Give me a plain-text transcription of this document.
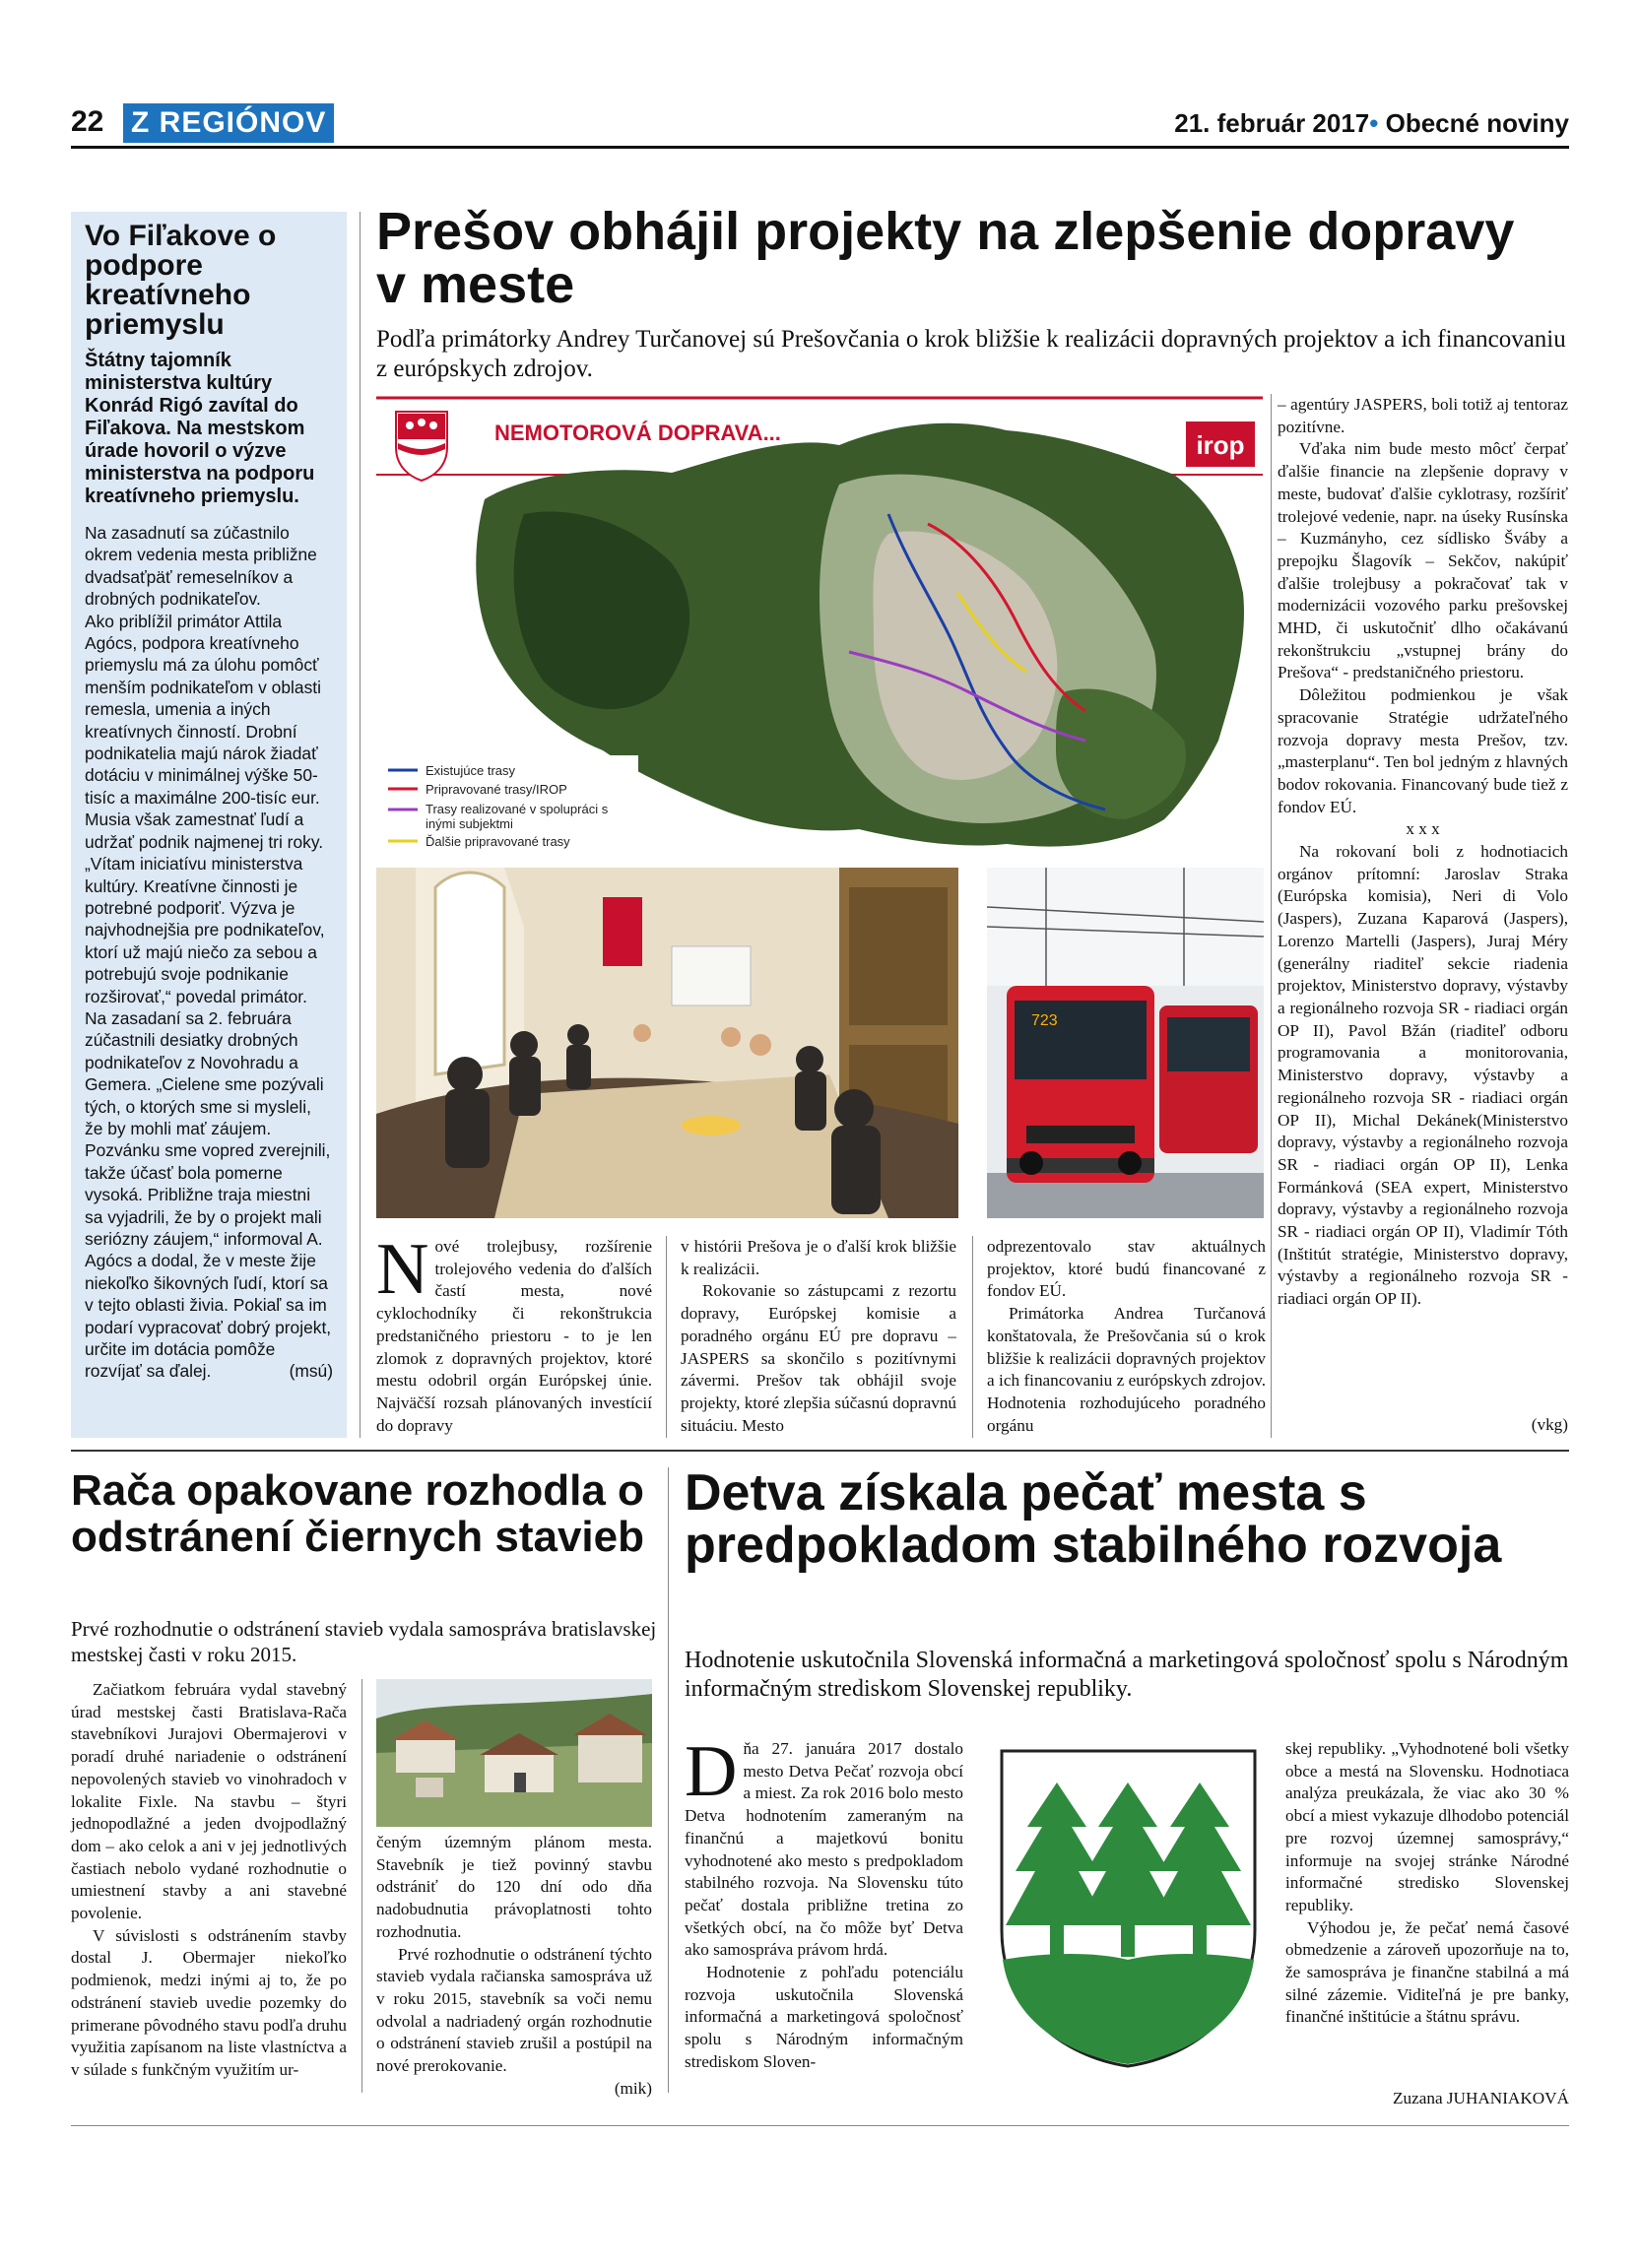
22 Z REGIÓNOV	21. február 2017• Obecné noviny
Vo Fiľakove o podpore kreatívneho priemyslu
Štátny tajomník ministerstva kultúry Konrád Rigó zavítal do Fiľakova. Na mestskom úrade hovoril o výzve ministerstva na podporu kreatívneho priemyslu.

Na zasadnutí sa zúčastnilo okrem vedenia mesta približne dvadsaťpäť remeselníkov a drobných podnikateľov.

Ako priblížil primátor Attila Agócs, podpora kreatívneho priemyslu má za úlohu pomôcť menším podnikateľom v oblasti remesla, umenia a iných kreatívnych činností. Drobní podnikatelia majú nárok žiadať dotáciu v minimálnej výške 50-tisíc a maximálne 200-tisíc eur. Musia však zamestnať ľudí a udržať podnik najmenej tri roky. „Vítam iniciatívu ministerstva kultúry. Kreatívne činnosti je potrebné podporiť. Výzva je najvhodnejšia pre podnikateľov, ktorí už majú niečo za sebou a potrebujú svoje podnikanie rozširovať,“ povedal primátor.

Na zasadaní sa 2. februára zúčastnili desiatky drobných podnikateľov z Novohradu a Gemera. „Cielene sme pozývali tých, o ktorých sme si mysleli, že by mohli mať záujem. Pozvánku sme vopred zverejnili, takže účasť bola pomerne vysoká. Približne traja miestni sa vyjadrili, že by o projekt mali seriózny záujem,“ informoval A. Agócs a dodal, že v meste žije niekoľko šikovných ľudí, ktorí sa v tejto oblasti živia. Pokiaľ sa im podarí vypracovať dobrý projekt, určite im dotácia pomôže rozvíjať sa ďalej.	(msú)

Prešov obhájil projekty na zlepšenie dopravy v meste
Podľa primátorky Andrey Turčanovej sú Prešovčania o krok bližšie k realizácii dopravných projektov a ich financovaniu z európskych zdrojov.
NEMOTOROVÁ DOPRAVA...	irop
Existujúce trasy
Pripravované trasy/IROP
Trasy realizované v spolupráci s inými subjektmi
Ďalšie pripravované trasy
723

– agentúry JASPERS, boli totiž aj tentoraz pozitívne.

Vďaka nim bude mesto môcť čerpať ďalšie financie na zlepšenie dopravy v meste, budovať ďalšie cyklotrasy, rozšíriť trolejové vedenie, napr. na úseky Rusínska – Kuzmányho, cez sídlisko Šváby a prepojku Šlagovík – Sekčov, nakúpiť ďalšie trolejbusy a pokračovať tak v modernizácii vozového parku prešovskej MHD, či uskutočniť dlho očakávanú rekonštrukciu „vstupnej brány do Prešova“ - predstaničného priestoru.

Dôležitou podmienkou je však spracovanie Stratégie udržateľného rozvoja dopravy mesta Prešov, tzv. „masterplanu“. Ten bol jedným z hlavných bodov rokovania. Financovaný bude tiež z fondov EÚ.

x x x

Na rokovaní boli z hodnotiacich orgánov prítomní: Jaroslav Straka (Európska komisia), Neri di Volo (Jaspers), Zuzana Kaparová (Jaspers), Lorenzo Martelli (Jaspers), Juraj Méry (generálny riaditeľ sekcie riadenia projektov, Ministerstvo dopravy, výstavby a regionálneho rozvoja SR - riadiaci orgán OP II), Pavol Bžán (riaditeľ odboru programovania a monitorovania, Ministerstvo dopravy, výstavby a regionálneho rozvoja SR - riadiaci orgán OP II), Michal Dekánek(Ministerstvo dopravy, výstavby a regionálneho rozvoja SR - riadiaci orgán OP II), Lenka Formánková (SEA expert, Ministerstvo dopravy, výstavby a regionálneho rozvoja SR - riadiaci orgán OP II), Vladimír Tóth (Inštitút stratégie, Ministerstvo dopravy, výstavby a regionálneho rozvoja SR - riadiaci orgán OP II).

Nové trolejbusy, rozšírenie trolejového vedenia do ďalších častí mesta, nové cyklochodníky či rekonštrukcia predstaničného priestoru - to je len zlomok z dopravných projektov, ktoré mestu odobril orgán Európskej únie. Najväčší rozsah plánovaných investícií do dopravy

v histórii Prešova je o ďalší krok bližšie k realizácii.

Rokovanie so zástupcami z rezortu dopravy, Európskej komisie a poradného orgánu EÚ pre dopravu – JASPERS sa skončilo s pozitívnymi závermi. Prešov tak obhájil svoje projekty, ktoré zlepšia súčasnú dopravnú situáciu. Mesto

odprezentovalo stav aktuálnych projektov, ktoré budú financované z fondov EÚ.

Primátorka Andrea Turčanová konštatovala, že Prešovčania sú o krok bližšie k realizácii dopravných projektov a ich financovaniu z európskych zdrojov. Hodnotenia rozhodujúceho poradného orgánu	(vkg)
Rača opakovane rozhodla o odstránení čiernych stavieb
Prvé rozhodnutie o odstránení stavieb vydala samospráva bratislavskej mestskej časti v roku 2015.

Začiatkom februára vydal stavebný úrad mestskej časti Bratislava-Rača stavebníkovi Jurajovi Obermajerovi v poradí druhé nariadenie o odstránení nepovolených stavieb vo vinohradoch v lokalite Fixle. Na stavbu – štyri jednopodlažné a jeden dvojpodlažný dom – ako celok a ani v jej jednotlivých častiach nebolo vydané rozhodnutie o umiestnení stavby a ani stavebné povolenie.

V súvislosti s odstránením stavby dostal J. Obermajer niekoľko podmienok, medzi inými aj to, že po odstránení stavieb uvedie pozemky do primerane pôvodného stavu podľa druhu využitia zapísanom na liste vlastníctva a v súlade s funkčným využitím ur-

čeným územným plánom mesta. Stavebník je tiež povinný stavbu odstrániť do 120 dní odo dňa nadobudnutia právoplatnosti tohto rozhodnutia.

Prvé rozhodnutie o odstránení týchto stavieb vydala račianska samospráva už v roku 2015, stavebník sa voči nemu odvolal a nadriadený orgán rozhodnutie o odstránení stavieb zrušil a postúpil na nové prerokovanie.

(mik)

Detva získala pečať mesta s predpokladom stabilného rozvoja
Hodnotenie uskutočnila Slovenská informačná a marketingová spoločnosť spolu s Národným informačným strediskom Slovenskej republiky.

Dňa 27. januára 2017 dostalo mesto Detva Pečať rozvoja obcí a miest. Za rok 2016 bolo mesto Detva hodnotením zameraným na finančnú a majetkovú bonitu vyhodnotené ako mesto s predpokladom stabilného rozvoja. Na Slovensku túto pečať dostala približne tretina zo všetkých obcí, na čo môže byť Detva ako samospráva právom hrdá.

Hodnotenie z pohľadu potenciálu rozvoja uskutočnila Slovenská informačná a marketingová spoločnosť spolu s Národným informačným strediskom Sloven-

skej republiky. „Vyhodnotené boli všetky obce a mestá na Slovensku. Hodnotiaca analýza preukázala, že viac ako 30 % obcí a miest vykazuje dlhodobo potenciál pre rozvoj územnej samosprávy,“ informuje na svojej stránke Národné informačné stredisko Slovenskej republiky.

Výhodou je, že pečať nemá časové obmedzenie a zároveň upozorňuje na to, že samospráva je finančne stabilná a má silné zázemie. Viditeľná je pre banky, finančné inštitúcie a štátnu správu.

Zuzana JUHANIAKOVÁ
